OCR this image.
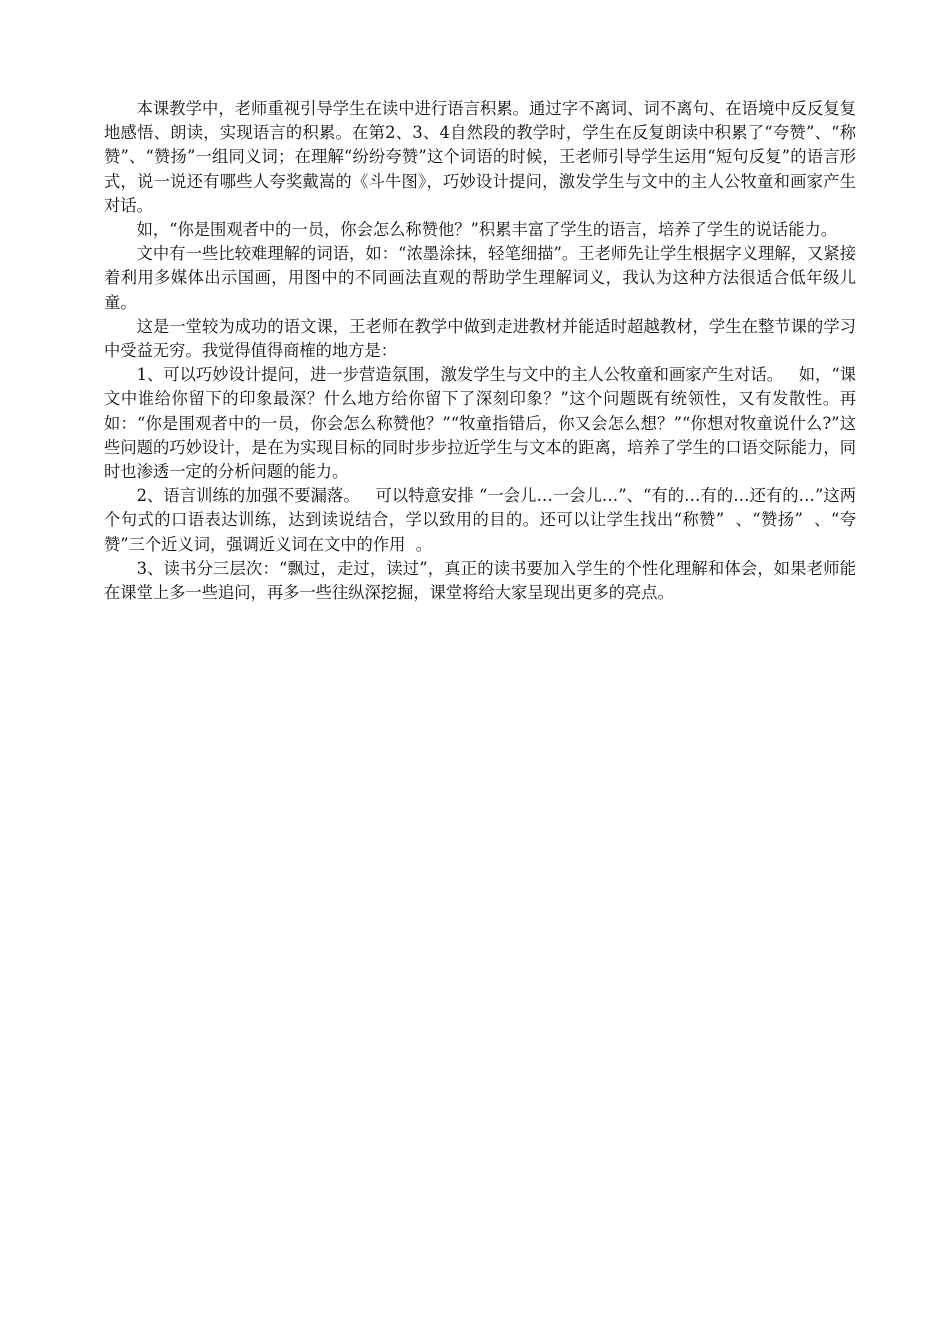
本课教学中，老师重视引导学生在读中进行语言积累。通过字不离词、词不离句、在语境中反反复复地感悟、朗读，实现语言的积累。在第2、3、4自然段的教学时，学生在反复朗读中积累了“夸赞”、“称赞”、“赞扬”一组同义词；在理解“纷纷夸赞”这个词语的时候，王老师引导学生运用“短句反复”的语言形式，说一说还有哪些人夸奖戴嵩的《斗牛图》，巧妙设计提问，激发学生与文中的主人公牧童和画家产生对话。

如，“你是围观者中的一员，你会怎么称赞他？”积累丰富了学生的语言，培养了学生的说话能力。

文中有一些比较难理解的词语，如：“浓墨涂抹，轻笔细描”。王老师先让学生根据字义理解，又紧接着利用多媒体出示国画，用图中的不同画法直观的帮助学生理解词义，我认为这种方法很适合低年级儿童。

这是一堂较为成功的语文课，王老师在教学中做到走进教材并能适时超越教材，学生在整节课的学习中受益无穷。我觉得值得商榷的地方是：

1、可以巧妙设计提问，进一步营造氛围，激发学生与文中的主人公牧童和画家产生对话。   如，“课文中谁给你留下的印象最深？什么地方给你留下了深刻印象？”这个问题既有统领性，又有发散性。再如：“你是围观者中的一员，你会怎么称赞他？”“牧童指错后，你又会怎么想？”“你想对牧童说什么?”这些问题的巧妙设计，是在为实现目标的同时步步拉近学生与文本的距离，培养了学生的口语交际能力，同时也渗透一定的分析问题的能力。

2、语言训练的加强不要漏落。   可以特意安排 “一会儿…一会儿…”、“有的…有的…还有的…”这两个句式的口语表达训练，达到读说结合，学以致用的目的。还可以让学生找出“称赞”  、“赞扬”  、“夸赞”三个近义词，强调近义词在文中的作用  。

3、读书分三层次：“飘过，走过，读过”，真正的读书要加入学生的个性化理解和体会，如果老师能在课堂上多一些追问，再多一些往纵深挖掘，课堂将给大家呈现出更多的亮点。
